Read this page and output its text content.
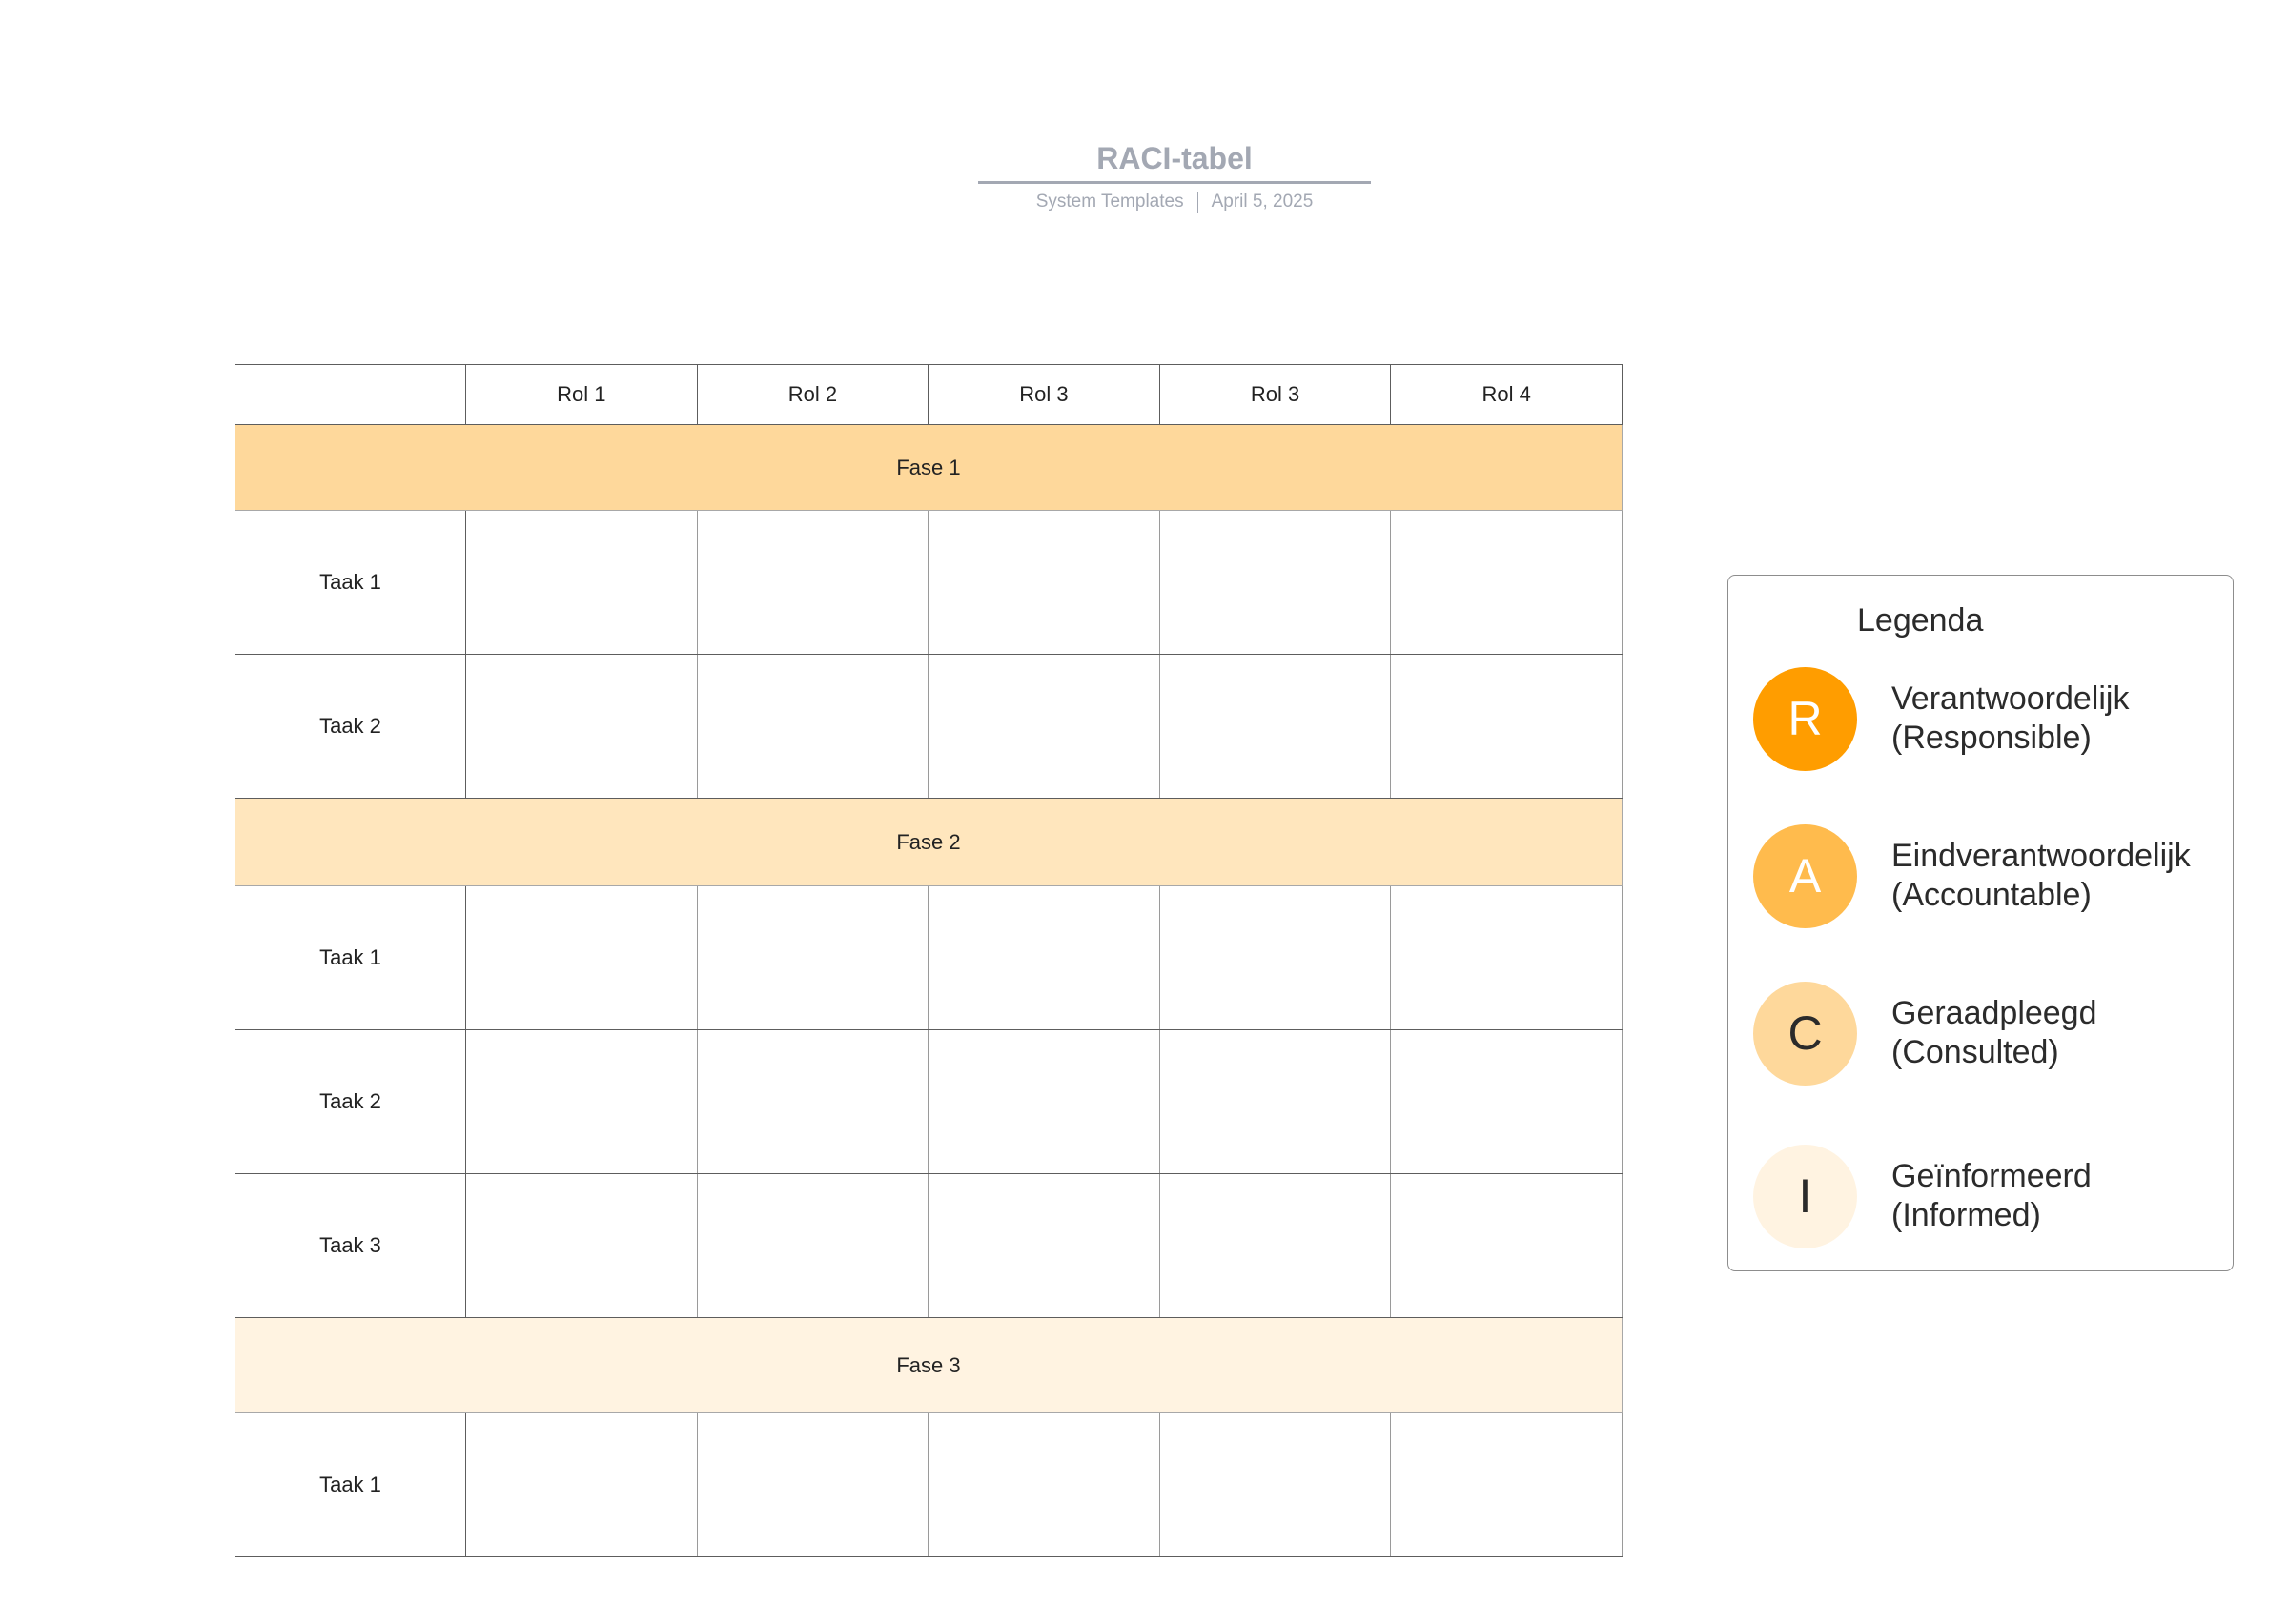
RACI-tabel
System Templates April 5, 2025
	Rol 1	Rol 2	Rol 3	Rol 3	Rol 4
Fase 1					
Taak 1					
Taak 2					
Fase 2					
Taak 1					
Taak 2					
Taak 3					
Fase 3					
Taak 1					
Legenda
R	Verantwoordelijk
(Responsible)
A	Eindverantwoordelijk
(Accountable)
C	Geraadpleegd
(Consulted)
I	Geïnformeerd
(Informed)
